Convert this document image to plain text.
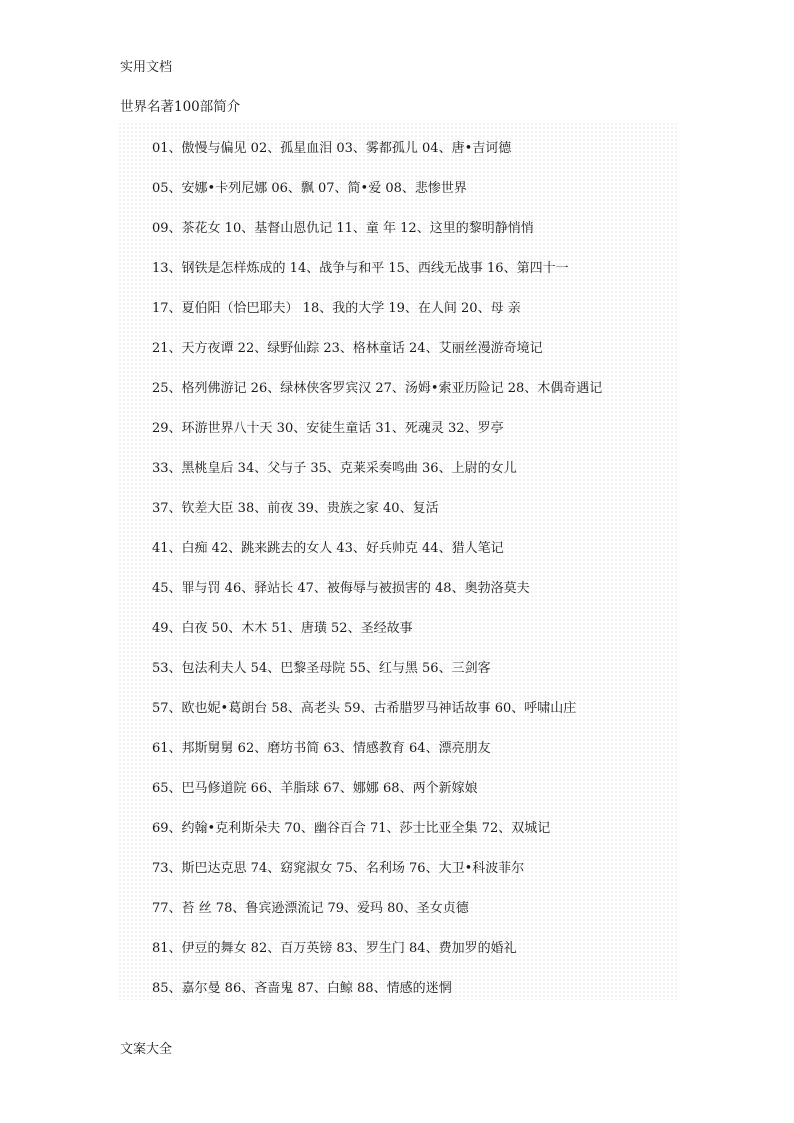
实用文档
世界名著100部简介
01、傲慢与偏见 02、孤星血泪 03、雾都孤儿 04、唐•吉诃德
05、安娜•卡列尼娜 06、飘 07、简•爱 08、悲惨世界
09、茶花女 10、基督山恩仇记 11、童 年 12、这里的黎明静悄悄
13、钢铁是怎样炼成的 14、战争与和平 15、西线无战事 16、第四十一
17、夏伯阳（恰巴耶夫） 18、我的大学 19、在人间 20、母 亲
21、天方夜谭 22、绿野仙踪 23、格林童话 24、艾丽丝漫游奇境记
25、格列佛游记 26、绿林侠客罗宾汉 27、汤姆•索亚历险记 28、木偶奇遇记
29、环游世界八十天 30、安徒生童话 31、死魂灵 32、罗亭
33、黑桃皇后 34、父与子 35、克莱采奏鸣曲 36、上尉的女儿
37、钦差大臣 38、前夜 39、贵族之家 40、复活
41、白痴 42、跳来跳去的女人 43、好兵帅克 44、猎人笔记
45、罪与罚 46、驿站长 47、被侮辱与被损害的 48、奥勃洛莫夫
49、白夜 50、木木 51、唐璜 52、圣经故事
53、包法利夫人 54、巴黎圣母院 55、红与黑 56、三剑客
57、欧也妮•葛朗台 58、高老头 59、古希腊罗马神话故事 60、呼啸山庄
61、邦斯舅舅 62、磨坊书简 63、情感教育 64、漂亮朋友
65、巴马修道院 66、羊脂球 67、娜娜 68、两个新嫁娘
69、约翰•克利斯朵夫 70、幽谷百合 71、莎士比亚全集 72、双城记
73、斯巴达克思 74、窈窕淑女 75、名利场 76、大卫•科波菲尔
77、苔 丝 78、鲁宾逊漂流记 79、爱玛 80、圣女贞德
81、伊豆的舞女 82、百万英镑 83、罗生门 84、费加罗的婚礼
85、嘉尔曼 86、吝啬鬼 87、白鲸 88、情感的迷惘
文案大全
